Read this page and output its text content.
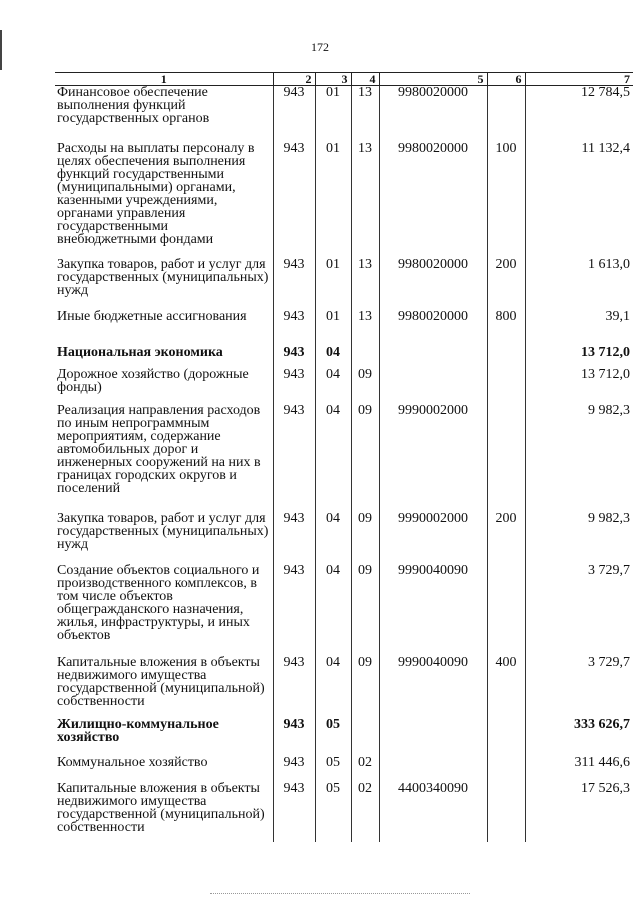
172
1	2	3	4	5	6	7
Финансовое обеспечение выполнения функций государственных органов	943	01	13	9980020000		12 784,5
Расходы на выплаты персоналу в целях обеспечения выполнения функций государственными (муниципальными) органами, казенными учреждениями, органами управления государственными внебюджетными фондами	943	01	13	9980020000	100	11 132,4
Закупка товаров, работ и услуг для государственных (муниципальных) нужд	943	01	13	9980020000	200	1 613,0
Иные бюджетные ассигнования	943	01	13	9980020000	800	39,1
Национальная экономика	943	04				13 712,0
Дорожное хозяйство (дорожные фонды)	943	04	09			13 712,0
Реализация направления расходов по иным непрограммным мероприятиям, содержание автомобильных дорог и инженерных сооружений на них в границах городских округов и поселений	943	04	09	9990002000		9 982,3
Закупка товаров, работ и услуг для государственных (муниципальных) нужд	943	04	09	9990002000	200	9 982,3
Создание объектов социального и производственного комплексов, в том числе объектов общегражданского назначения, жилья, инфраструктуры, и иных объектов	943	04	09	9990040090		3 729,7
Капитальные вложения в объекты недвижимого имущества государственной (муниципальной) собственности	943	04	09	9990040090	400	3 729,7
Жилищно-коммунальное хозяйство	943	05				333 626,7
Коммунальное хозяйство	943	05	02			311 446,6
Капитальные вложения в объекты недвижимого имущества государственной (муниципальной) собственности	943	05	02	4400340090		17 526,3
